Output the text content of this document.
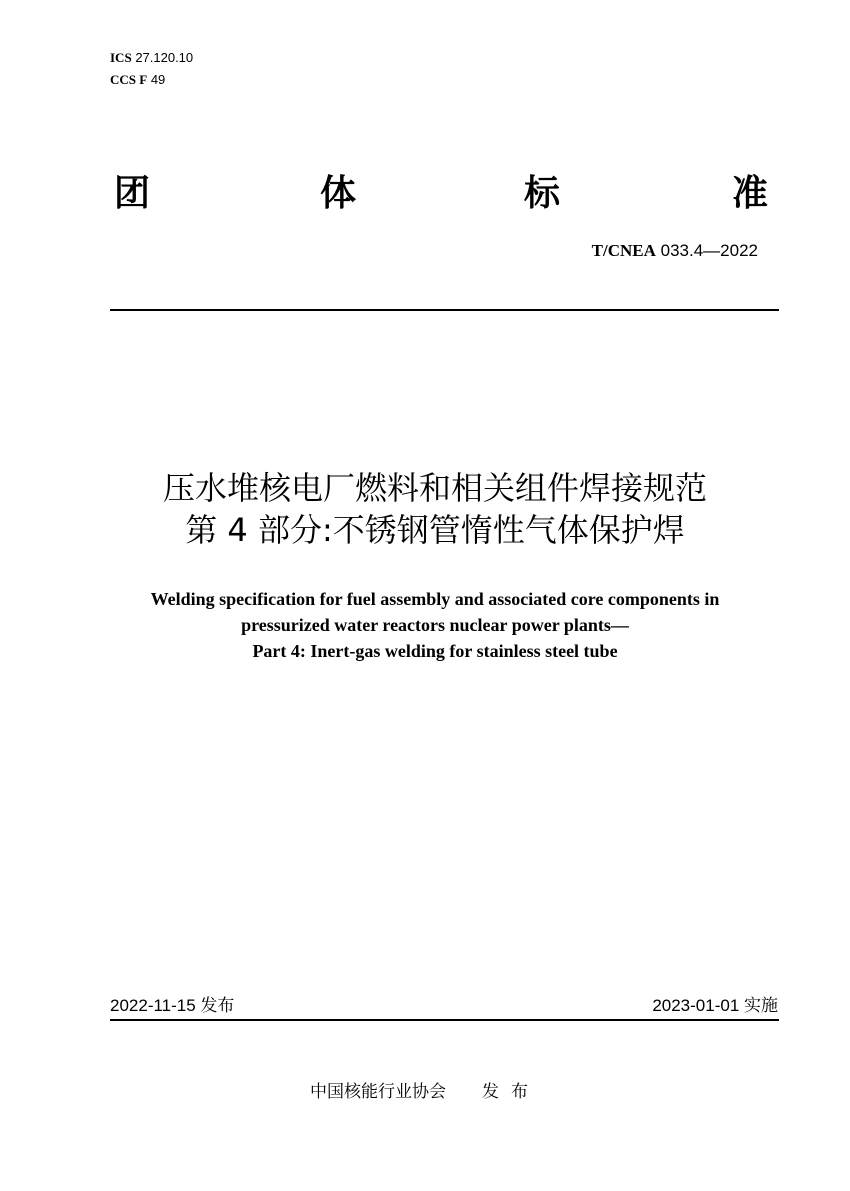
ICS 27.120.10
CCS F 49
团	体	标	准
T/CNEA 033.4—2022
压水堆核电厂燃料和相关组件焊接规范
第 4 部分:不锈钢管惰性气体保护焊
Welding specification for fuel assembly and associated core components in
pressurized water reactors nuclear power plants—
Part 4: Inert-gas welding for stainless steel tube
2022-11-15 发布	2023-01-01 实施
中国核能行业协会 发布
